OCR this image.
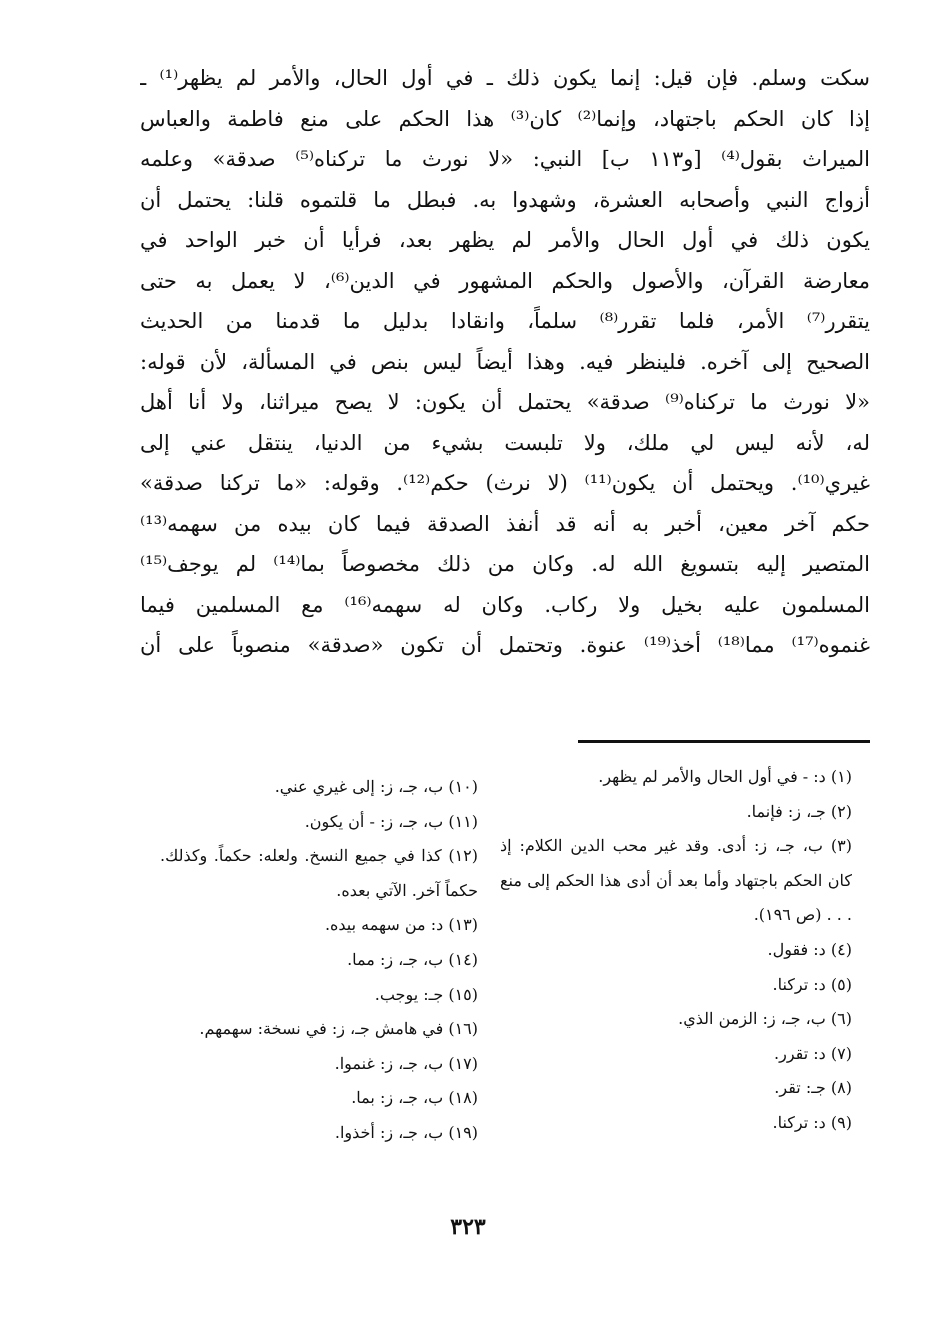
سكت وسلم. فإن قيل: إنما يكون ذلك ـ في أول الحال، والأمر لم يظهر⁽¹⁾ ـ
إذا كان الحكم باجتهاد، وإنما⁽²⁾ كان⁽³⁾ هذا الحكم على منع فاطمة والعباس
الميراث بقول⁽⁴⁾ [و١١٣ ب] النبي: «لا نورث ما تركناه⁽⁵⁾ صدقة» وعلمه
أزواج النبي وأصحابه العشرة، وشهدوا به. فبطل ما قلتموه قلنا: يحتمل أن
يكون ذلك في أول الحال والأمر لم يظهر بعد، فرأيا أن خبر الواحد في
معارضة القرآن، والأصول والحكم المشهور في الدين⁽⁶⁾، لا يعمل به حتى
يتقرر⁽⁷⁾ الأمر، فلما تقرر⁽⁸⁾ سلماً، وانقادا بدليل ما قدمنا من الحديث
الصحيح إلى آخره. فلينظر فيه. وهذا أيضاً ليس بنص في المسألة، لأن قوله:
«لا نورث ما تركناه⁽⁹⁾ صدقة» يحتمل أن يكون: لا يصح ميراثنا، ولا أنا أهل
له، لأنه ليس لي ملك، ولا تلبست بشيء من الدنيا، ينتقل عني إلى
غيري⁽¹⁰⁾. ويحتمل أن يكون⁽¹¹⁾ (لا نرث) حكم⁽¹²⁾. وقوله: «ما تركنا صدقة»
حكم آخر معين، أخبر به أنه قد أنفذ الصدقة فيما كان بيده من سهمه⁽¹³⁾
المتصير إليه بتسويغ الله له. وكان من ذلك مخصوصاً بما⁽¹⁴⁾ لم يوجف⁽¹⁵⁾
المسلمون عليه بخيل ولا ركاب. وكان له سهمه⁽¹⁶⁾ مع المسلمين فيما
غنموه⁽¹⁷⁾ مما⁽¹⁸⁾ أخذ⁽¹⁹⁾ عنوة. وتحتمل أن تكون «صدقة» منصوباً على أن
(١) د: - في أول الحال والأمر لم يظهر.
(٢) جـ، ز: فإنما.
(٣) ب، جـ، ز: أدى. وقد غير محب الدين الكلام: إذ كان الحكم باجتهاد وأما بعد أن أدى هذا الحكم إلى منع . . . (ص ١٩٦).
(٤) د: فقول.
(٥) د: تركنا.
(٦) ب، جـ، ز: الزمن الذي.
(٧) د: تقرر.
(٨) جـ: تقر.
(٩) د: تركنا.
(١٠) ب، جـ، ز: إلى غيري عني.
(١١) ب، جـ، ز: - أن يكون.
(١٢) كذا في جميع النسخ. ولعله: حكماً. وكذلك. حكماً آخر. الآتي بعده.
(١٣) د: من سهمه بيده.
(١٤) ب، جـ، ز: مما.
(١٥) جـ: يوجب.
(١٦) في هامش جـ، ز: في نسخة: سهمهم.
(١٧) ب، جـ، ز: غنموا.
(١٨) ب، جـ، ز: بما.
(١٩) ب، جـ، ز: أخذوا.
٣٢٣
